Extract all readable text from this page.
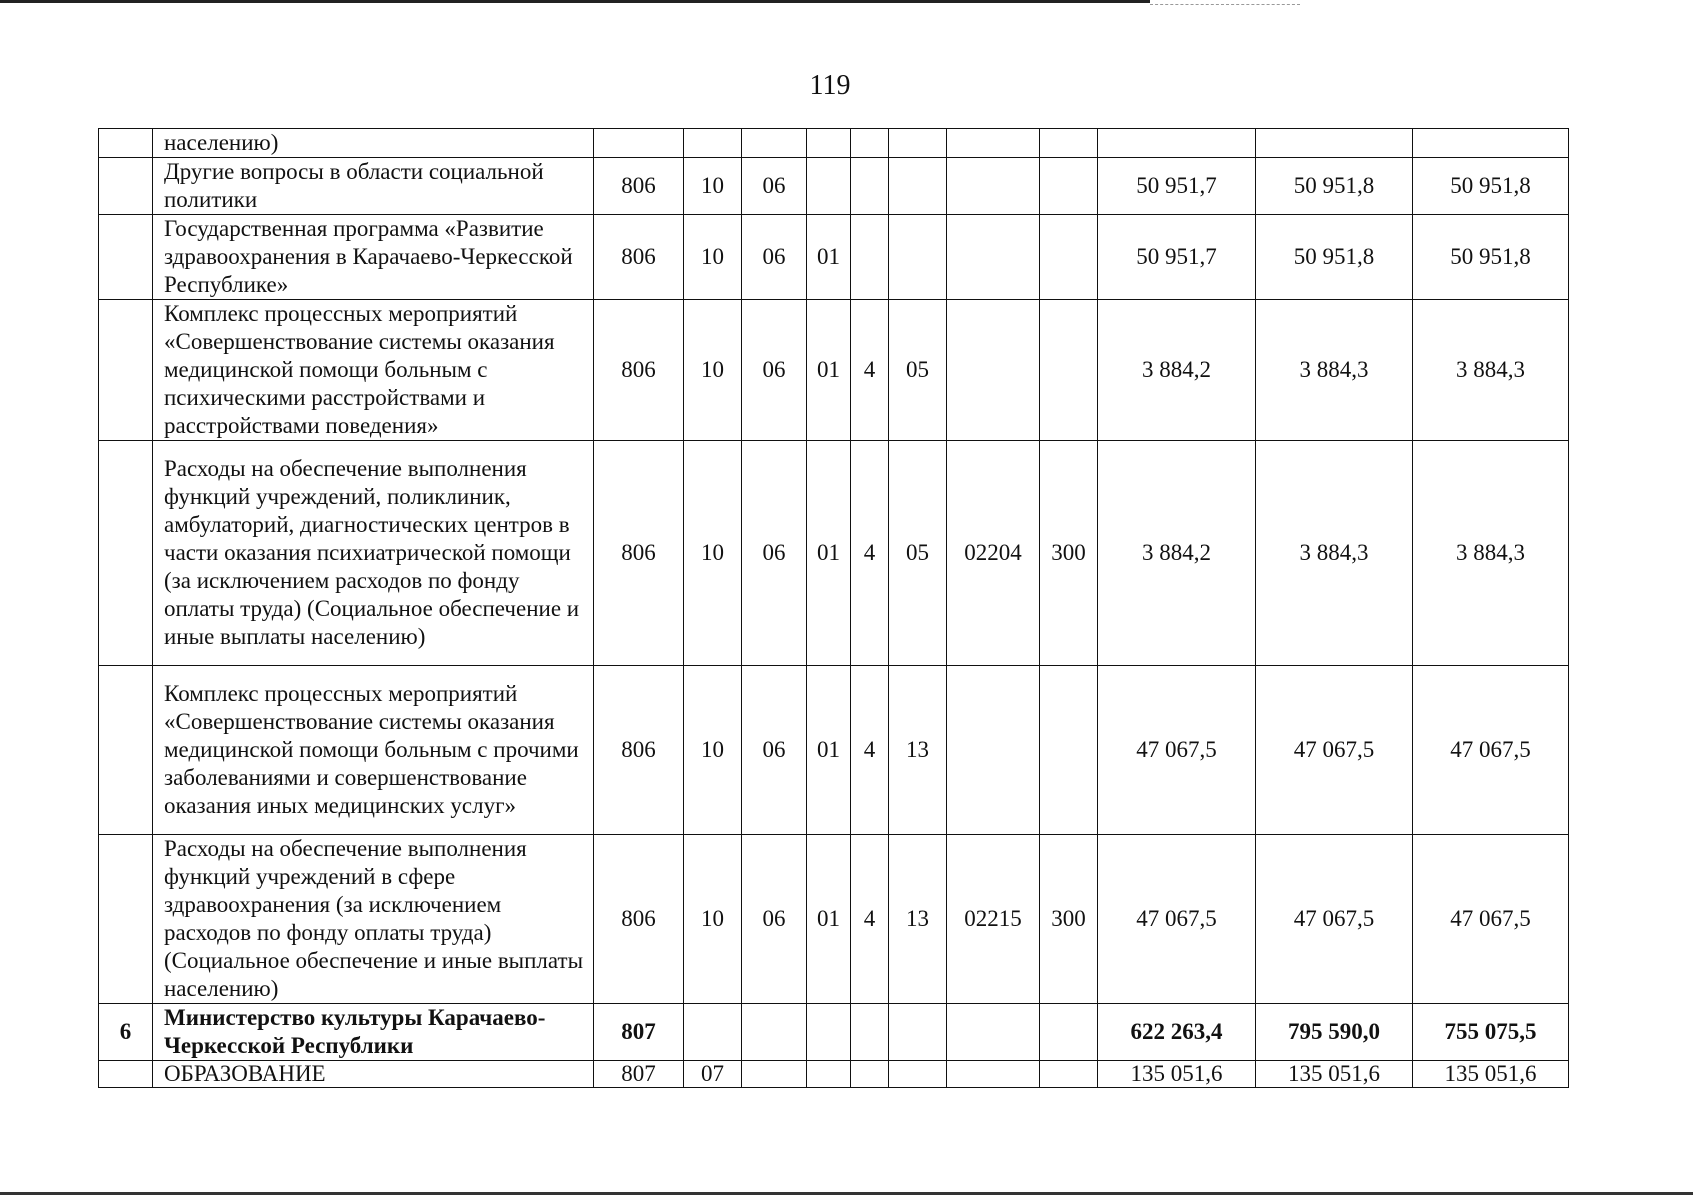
119
	населению)											
	Другие вопросы в области социальной политики	806	10	06						50 951,7	50 951,8	50 951,8
	Государственная программа «Развитие здравоохранения в Карачаево-Черкесской Республике»	806	10	06	01					50 951,7	50 951,8	50 951,8
	Комплекс процессных мероприятий «Совершенствование системы оказания медицинской помощи больным с психическими расстройствами и расстройствами поведения»	806	10	06	01	4	05			3 884,2	3 884,3	3 884,3
	Расходы на обеспечение выполнения функций учреждений, поликлиник, амбулаторий, диагностических центров в части оказания психиатрической помощи (за исключением расходов по фонду оплаты труда) (Социальное обеспечение и иные выплаты населению)	806	10	06	01	4	05	02204	300	3 884,2	3 884,3	3 884,3
	Комплекс процессных мероприятий «Совершенствование системы оказания медицинской помощи больным с прочими заболеваниями и совершенствование оказания иных медицинских услуг»	806	10	06	01	4	13			47 067,5	47 067,5	47 067,5
	Расходы на обеспечение выполнения функций учреждений в сфере здравоохранения (за исключением расходов по фонду оплаты труда) (Социальное обеспечение и иные выплаты населению)	806	10	06	01	4	13	02215	300	47 067,5	47 067,5	47 067,5
6	Министерство культуры Карачаево-Черкесской Республики	807								622 263,4	795 590,0	755 075,5
	ОБРАЗОВАНИЕ	807	07							135 051,6	135 051,6	135 051,6
